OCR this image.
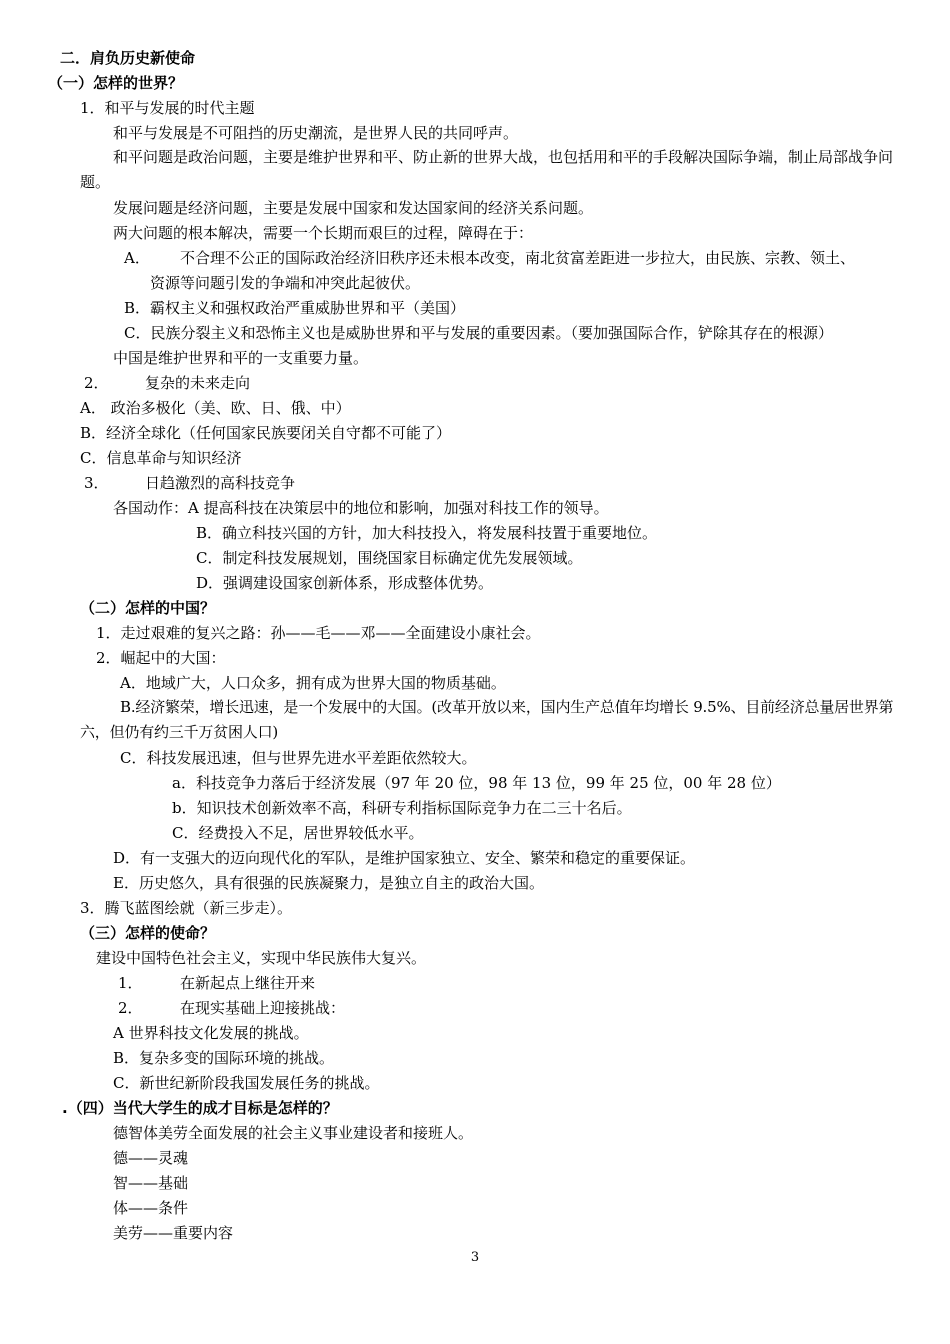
二．肩负历史新使命
（一）怎样的世界？
1．和平与发展的时代主题
和平与发展是不可阻挡的历史潮流，是世界人民的共同呼声。
和平问题是政治问题，主要是维护世界和平、防止新的世界大战，也包括用和平的手段解决国际争端，制止局部战争问题。
发展问题是经济问题，主要是发展中国家和发达国家间的经济关系问题。
两大问题的根本解决，需要一个长期而艰巨的过程，障碍在于：
A． 不合理不公正的国际政治经济旧秩序还未根本改变，南北贫富差距进一步拉大，由民族、宗教、领土、
资源等问题引发的争端和冲突此起彼伏。
B．霸权主义和强权政治严重威胁世界和平（美国）
C．民族分裂主义和恐怖主义也是威胁世界和平与发展的重要因素。（要加强国际合作，铲除其存在的根源）
中国是维护世界和平的一支重要力量。
2． 复杂的未来走向
A． 政治多极化（美、欧、日、俄、中）
B．经济全球化（任何国家民族要闭关自守都不可能了）
C．信息革命与知识经济
3． 日趋激烈的高科技竞争
各国动作：A 提高科技在决策层中的地位和影响，加强对科技工作的领导。
B．确立科技兴国的方针，加大科技投入，将发展科技置于重要地位。
C．制定科技发展规划，围绕国家目标确定优先发展领域。
D．强调建设国家创新体系，形成整体优势。
（二）怎样的中国？
1．走过艰难的复兴之路：孙——毛——邓——全面建设小康社会。
2．崛起中的大国：
A．地域广大，人口众多，拥有成为世界大国的物质基础。
B.经济繁荣，增长迅速，是一个发展中的大国。(改革开放以来，国内生产总值年均增长 9.5%、目前经济总量居世界第六，但仍有约三千万贫困人口)
C．科技发展迅速，但与世界先进水平差距依然较大。
a．科技竞争力落后于经济发展（97 年 20 位，98 年 13 位，99 年 25 位，00 年 28 位）
b．知识技术创新效率不高，科研专利指标国际竞争力在二三十名后。
C．经费投入不足，居世界较低水平。
D．有一支强大的迈向现代化的军队，是维护国家独立、安全、繁荣和稳定的重要保证。
E．历史悠久，具有很强的民族凝聚力，是独立自主的政治大国。
3．腾飞蓝图绘就（新三步走）。
（三）怎样的使命？
建设中国特色社会主义，实现中华民族伟大复兴。
1． 在新起点上继往开来
2． 在现实基础上迎接挑战：
A 世界科技文化发展的挑战。
B．复杂多变的国际环境的挑战。
C．新世纪新阶段我国发展任务的挑战。
.（四）当代大学生的成才目标是怎样的？
德智体美劳全面发展的社会主义事业建设者和接班人。
德——灵魂
智——基础
体——条件
美劳——重要内容
3
